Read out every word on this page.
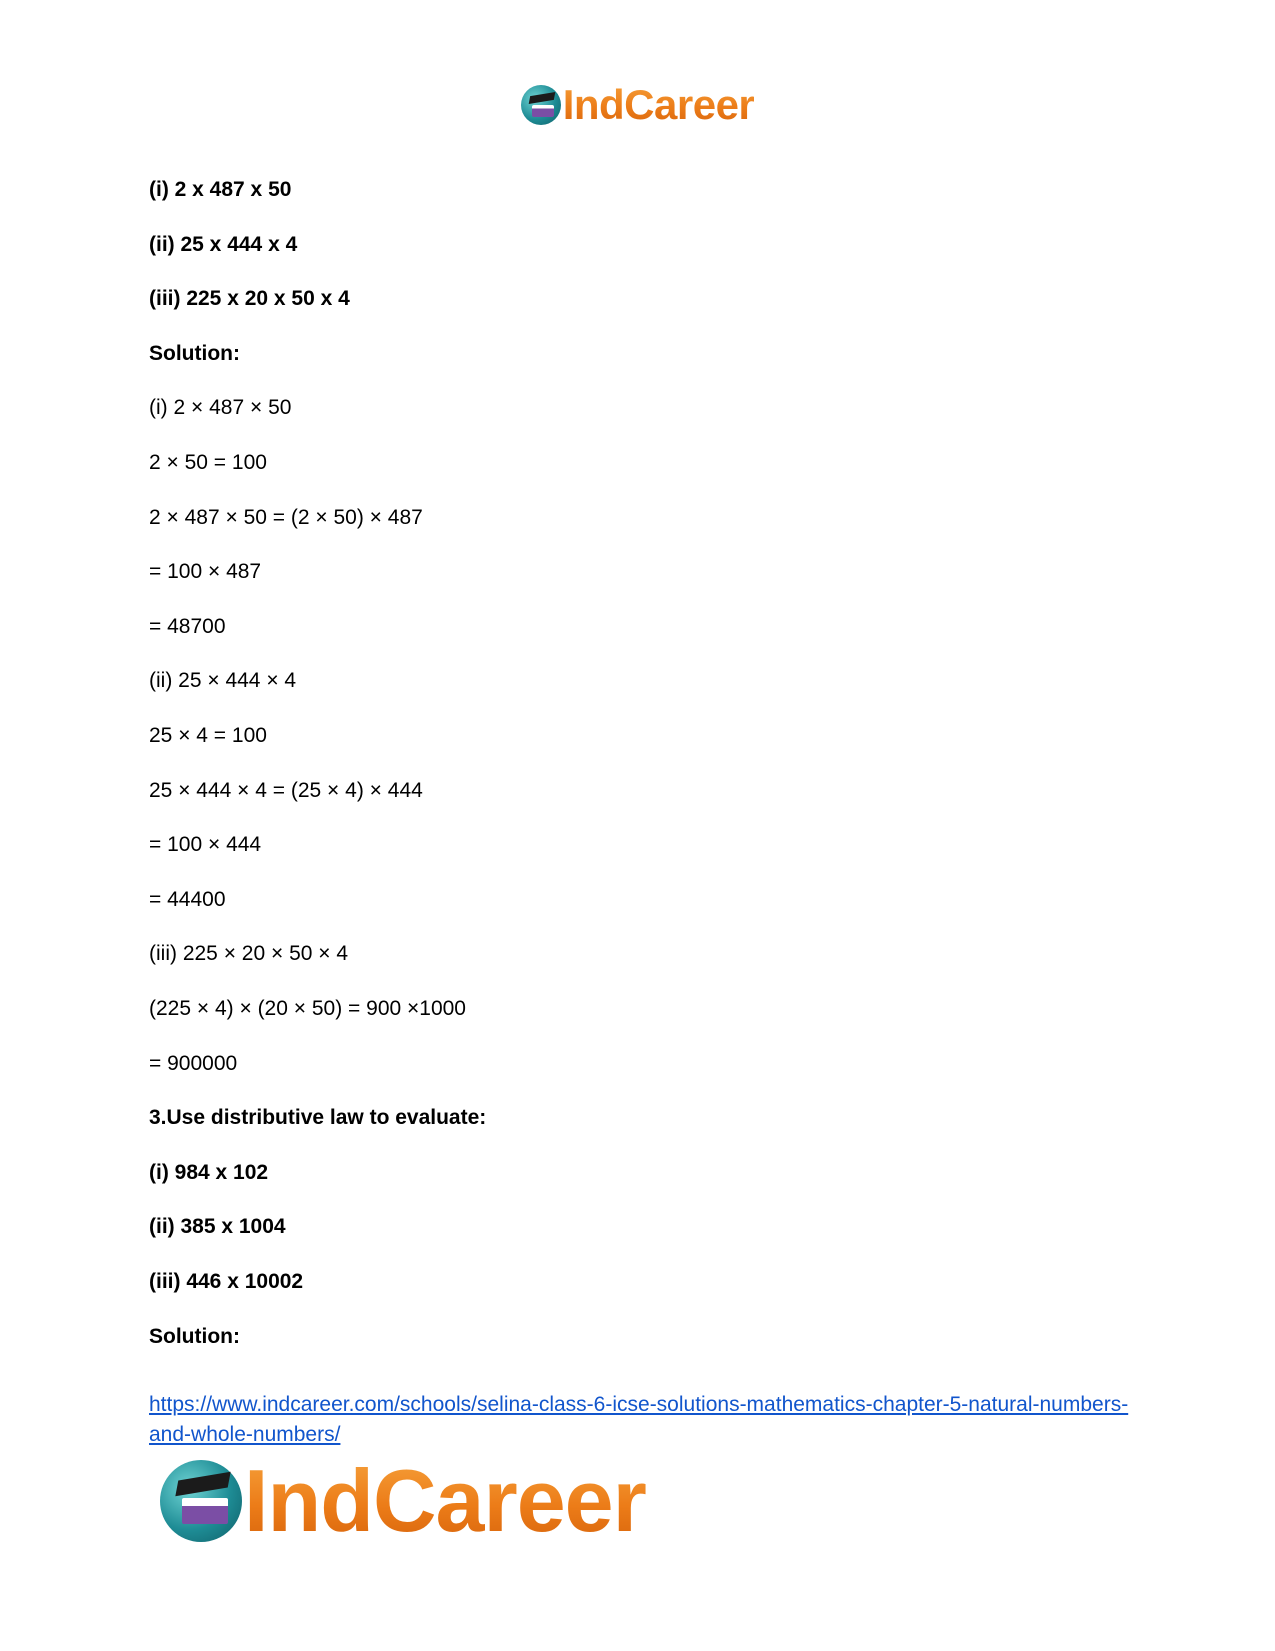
IndCareer
(i) 2 x 487 x 50
(ii) 25 x 444 x 4
(iii) 225 x 20 x 50 x 4
Solution:
(i) 2 × 487 × 50
2 × 50 = 100
2 × 487 × 50 = (2 × 50) × 487
= 100 × 487
= 48700
(ii) 25 × 444 × 4
25 × 4 = 100
25 × 444 × 4 = (25 × 4) × 444
= 100 × 444
= 44400
(iii) 225 × 20 × 50 × 4
(225 × 4) × (20 × 50) = 900 ×1000
= 900000
3.Use distributive law to evaluate:
(i) 984 x 102
(ii) 385 x 1004
(iii) 446 x 10002
Solution:
https://www.indcareer.com/schools/selina-class-6-icse-solutions-mathematics-chapter-5-natural-numbers-and-whole-numbers/
IndCareer
